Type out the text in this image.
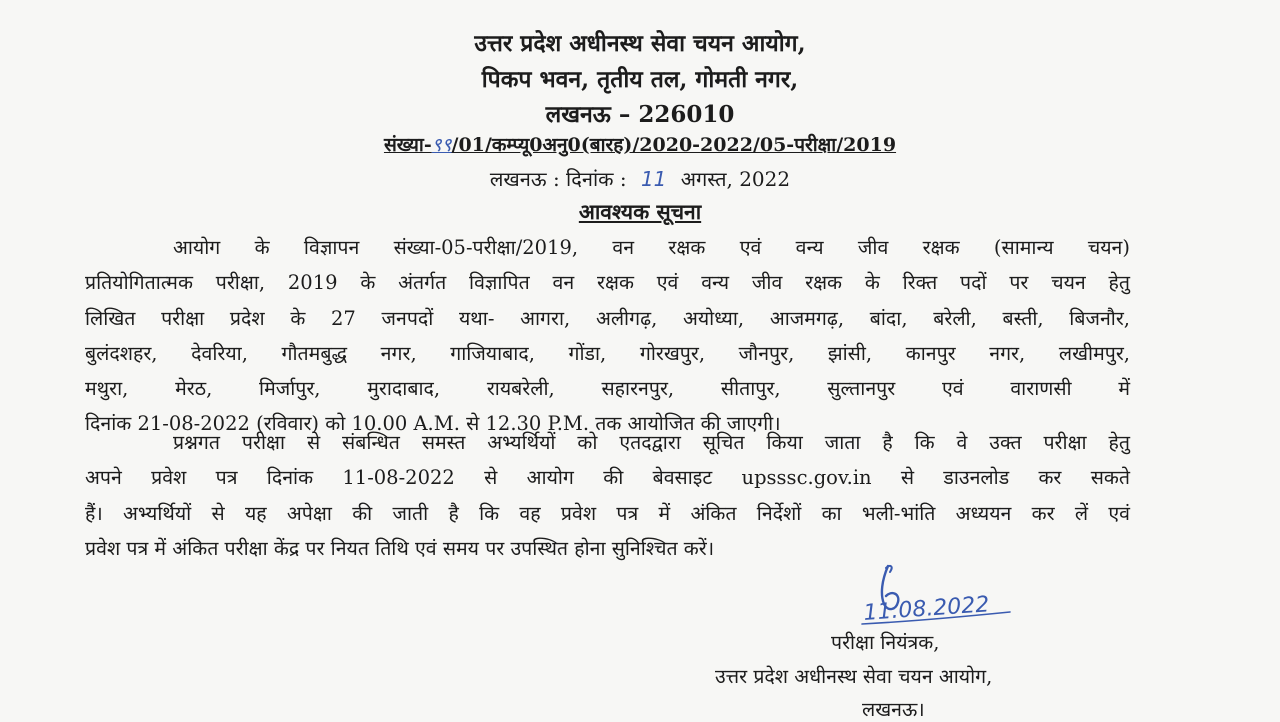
उत्तर प्रदेश अधीनस्थ सेवा चयन आयोग,
पिकप भवन, तृतीय तल, गोमती नगर,
लखनऊ – 226010
संख्या-९९/01/कम्प्यू0अनु0(बारह)/2020-2022/05-परीक्षा/2019
लखनऊ : दिनांक : 11 अगस्त, 2022
आवश्यक सूचना
आयोग के विज्ञापन संख्या-05-परीक्षा/2019, वन रक्षक एवं वन्य जीव रक्षक (सामान्य चयन)
प्रतियोगितात्मक परीक्षा, 2019 के अंतर्गत विज्ञापित वन रक्षक एवं वन्य जीव रक्षक के रिक्त पदों पर चयन हेतु
लिखित परीक्षा प्रदेश के 27 जनपदों यथा- आगरा, अलीगढ़, अयोध्या, आजमगढ़, बांदा, बरेली, बस्ती, बिजनौर,
बुलंदशहर, देवरिया, गौतमबुद्ध नगर, गाजियाबाद, गोंडा, गोरखपुर, जौनपुर, झांसी, कानपुर नगर, लखीमपुर,
मथुरा, मेरठ, मिर्जापुर, मुरादाबाद, रायबरेली, सहारनपुर, सीतापुर, सुल्तानपुर एवं वाराणसी में
दिनांक 21-08-2022 (रविवार) को 10.00 A.M. से 12.30 P.M. तक आयोजित की जाएगी।
प्रश्नगत परीक्षा से संबन्धित समस्त अभ्यर्थियों को एतदद्वारा सूचित किया जाता है कि वे उक्त परीक्षा हेतु
अपने प्रवेश पत्र दिनांक 11-08-2022 से आयोग की बेवसाइट upsssc.gov.in से डाउनलोड कर सकते
हैं। अभ्यर्थियों से यह अपेक्षा की जाती है कि वह प्रवेश पत्र में अंकित निर्देशों का भली-भांति अध्ययन कर लें एवं
प्रवेश पत्र में अंकित परीक्षा केंद्र पर नियत तिथि एवं समय पर उपस्थित होना सुनिश्चित करें।
11.08.2022
परीक्षा नियंत्रक,
उत्तर प्रदेश अधीनस्थ सेवा चयन आयोग,
लखनऊ।
